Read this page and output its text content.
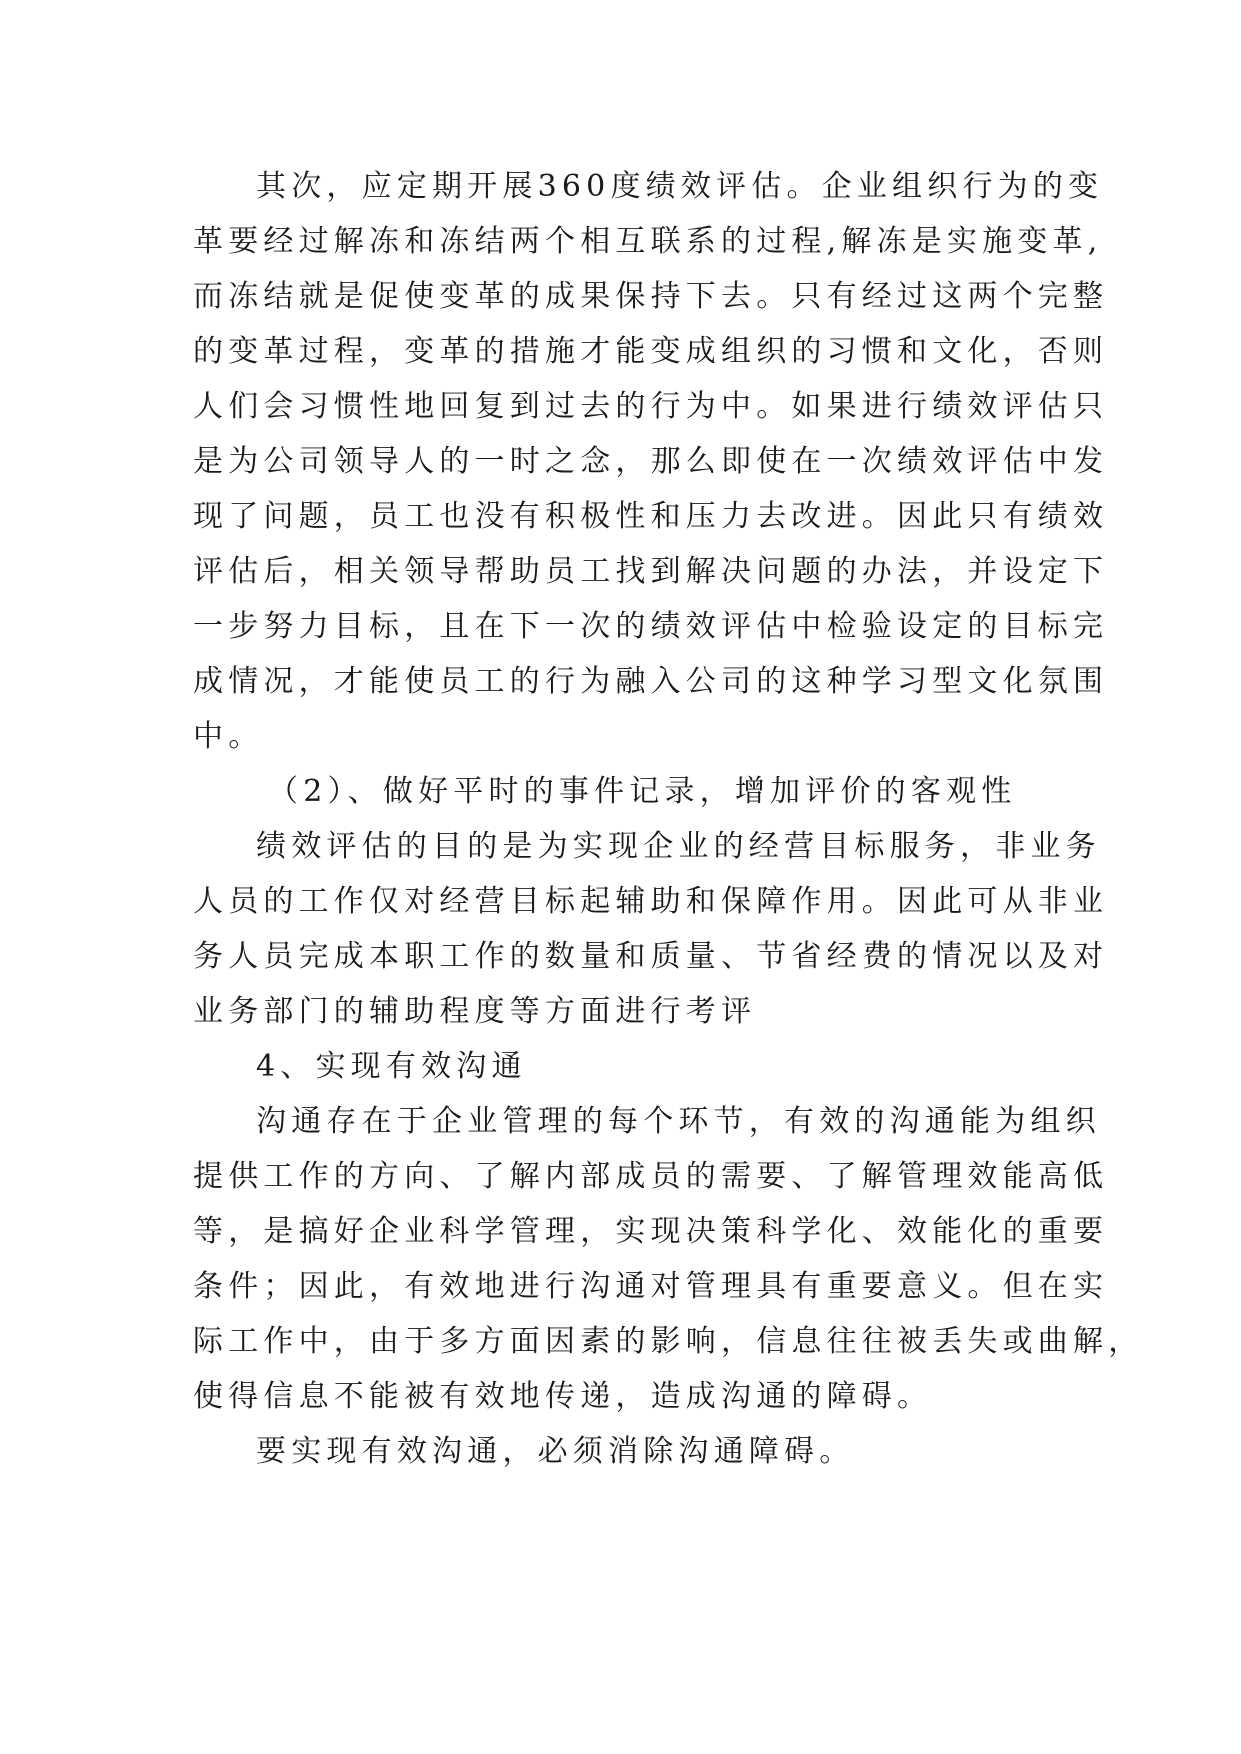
其次，应定期开展360度绩效评估。企业组织行为的变
革要经过解冻和冻结两个相互联系的过程,解冻是实施变革,
而冻结就是促使变革的成果保持下去。只有经过这两个完整
的变革过程，变革的措施才能变成组织的习惯和文化，否则
人们会习惯性地回复到过去的行为中。如果进行绩效评估只
是为公司领导人的一时之念，那么即使在一次绩效评估中发
现了问题，员工也没有积极性和压力去改进。因此只有绩效
评估后，相关领导帮助员工找到解决问题的办法，并设定下
一步努力目标，且在下一次的绩效评估中检验设定的目标完
成情况，才能使员工的行为融入公司的这种学习型文化氛围
中。
（2）、做好平时的事件记录，增加评价的客观性
绩效评估的目的是为实现企业的经营目标服务，非业务
人员的工作仅对经营目标起辅助和保障作用。因此可从非业
务人员完成本职工作的数量和质量、节省经费的情况以及对
业务部门的辅助程度等方面进行考评
4、实现有效沟通
沟通存在于企业管理的每个环节，有效的沟通能为组织
提供工作的方向、了解内部成员的需要、了解管理效能高低
等，是搞好企业科学管理，实现决策科学化、效能化的重要
条件；因此，有效地进行沟通对管理具有重要意义。但在实
际工作中，由于多方面因素的影响，信息往往被丢失或曲解，
使得信息不能被有效地传递，造成沟通的障碍。
要实现有效沟通，必须消除沟通障碍。
